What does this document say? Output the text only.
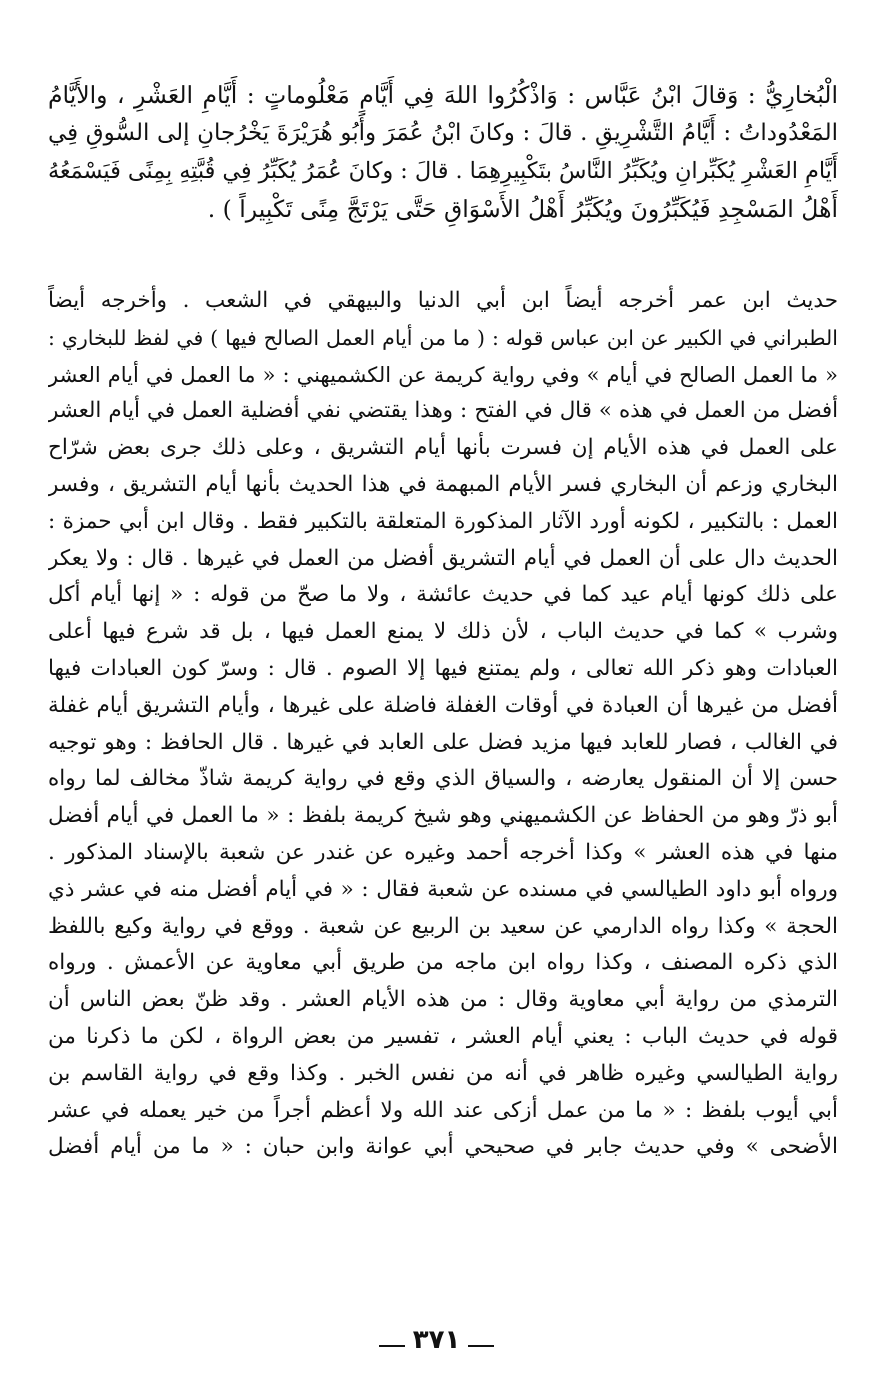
الْبُخارِيُّ : وَقالَ ابْنُ عَبَّاس : وَاذْكُرُوا اللهَ فِي أَيَّامٍ مَعْلُوماتٍ : أَيَّامِ العَشْرِ ، والأَيَّامُ
المَعْدُوداتُ : أَيَّامُ التَّشْرِيقِ . قالَ : وكانَ ابْنُ عُمَرَ وأَبُو هُرَيْرَةَ يَخْرُجانِ إلى السُّوقِ فِي
أَيَّامِ العَشْرِ يُكَبِّرانِ ويُكَبِّرُ النَّاسُ بتَكْبِيرِهِمَا . قالَ : وكانَ عُمَرُ يُكَبِّرُ فِي قُبَّتِهِ بِمِنًى فَيَسْمَعُهُ
أَهْلُ المَسْجِدِ فَيُكَبِّرُونَ ويُكَبِّرُ أَهْلُ الأَسْوَاقِ حَتَّى يَرْتَجَّ مِنًى تَكْبِيراً ) .
حديث ابن عمر أخرجه أيضاً ابن أبي الدنيا والبيهقي في الشعب . وأخرجه أيضاً
الطبراني في الكبير عن ابن عباس قوله : ( ما من أيام العمل الصالح فيها ) في لفظ للبخاري :
« ما العمل الصالح في أيام » وفي رواية كريمة عن الكشميهني : « ما العمل في أيام العشر
أفضل من العمل في هذه » قال في الفتح : وهذا يقتضي نفي أفضلية العمل في أيام العشر
على العمل في هذه الأيام إن فسرت بأنها أيام التشريق ، وعلى ذلك جرى بعض شرّاح
البخاري وزعم أن البخاري فسر الأيام المبهمة في هذا الحديث بأنها أيام التشريق ، وفسر
العمل : بالتكبير ، لكونه أورد الآثار المذكورة المتعلقة بالتكبير فقط . وقال ابن أبي حمزة :
الحديث دال على أن العمل في أيام التشريق أفضل من العمل في غيرها . قال : ولا يعكر
على ذلك كونها أيام عيد كما في حديث عائشة ، ولا ما صحّ من قوله : « إنها أيام أكل
وشرب » كما في حديث الباب ، لأن ذلك لا يمنع العمل فيها ، بل قد شرع فيها أعلى
العبادات وهو ذكر الله تعالى ، ولم يمتنع فيها إلا الصوم . قال : وسرّ كون العبادات فيها
أفضل من غيرها أن العبادة في أوقات الغفلة فاضلة على غيرها ، وأيام التشريق أيام غفلة
في الغالب ، فصار للعابد فيها مزيد فضل على العابد في غيرها . قال الحافظ : وهو توجيه
حسن إلا أن المنقول يعارضه ، والسياق الذي وقع في رواية كريمة شاذّ مخالف لما رواه
أبو ذرّ وهو من الحفاظ عن الكشميهني وهو شيخ كريمة بلفظ : « ما العمل في أيام أفضل
منها في هذه العشر » وكذا أخرجه أحمد وغيره عن غندر عن شعبة بالإسناد المذكور .
ورواه أبو داود الطيالسي في مسنده عن شعبة فقال : « في أيام أفضل منه في عشر ذي
الحجة » وكذا رواه الدارمي عن سعيد بن الربيع عن شعبة . ووقع في رواية وكيع باللفظ
الذي ذكره المصنف ، وكذا رواه ابن ماجه من طريق أبي معاوية عن الأعمش . ورواه
الترمذي من رواية أبي معاوية وقال : من هذه الأيام العشر . وقد ظنّ بعض الناس أن
قوله في حديث الباب : يعني أيام العشر ، تفسير من بعض الرواة ، لكن ما ذكرنا من
رواية الطيالسي وغيره ظاهر في أنه من نفس الخبر . وكذا وقع في رواية القاسم بن
أبي أيوب بلفظ : « ما من عمل أزكى عند الله ولا أعظم أجراً من خير يعمله في عشر
الأضحى » وفي حديث جابر في صحيحي أبي عوانة وابن حبان : « ما من أيام أفضل
٣٧١
